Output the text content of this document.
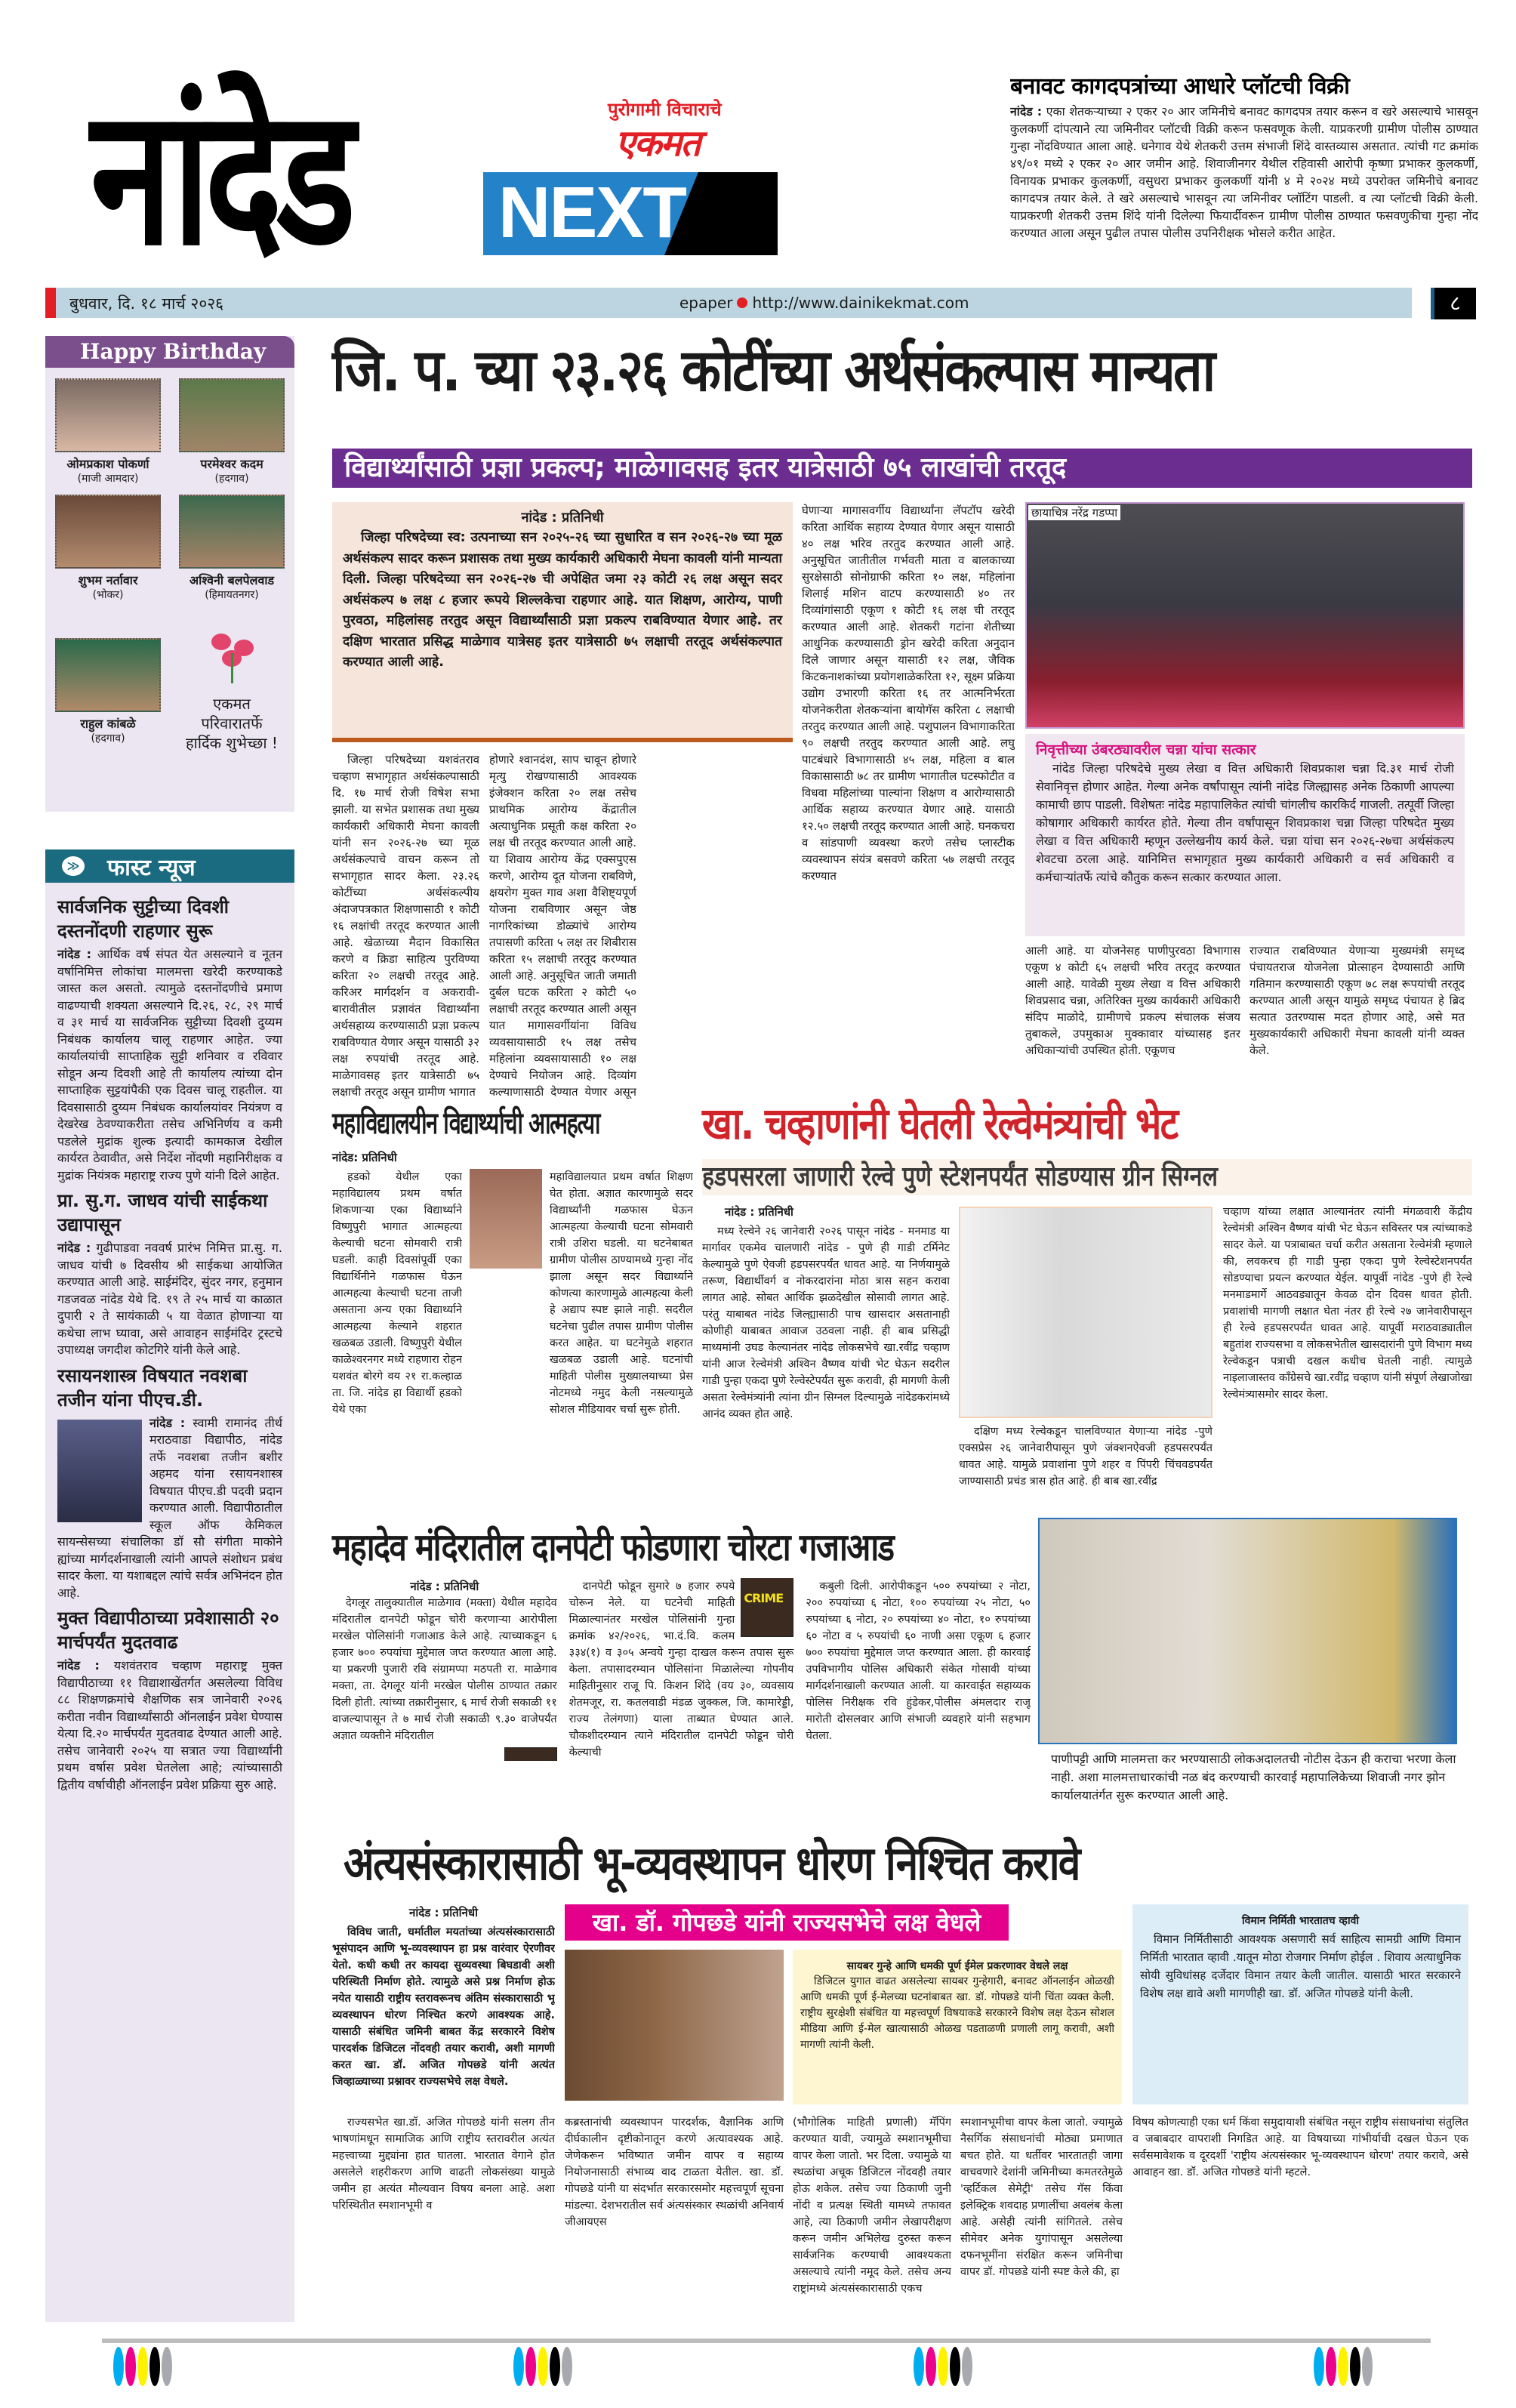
नांदेड	पुरोगामी विचाराचे
एकमत
NEXT
बनावट कागदपत्रांच्या आधारे प्लॉटची विक्री

नांदेड : एका शेतकऱ्याच्या २ एकर २० आर जमिनीचे बनावट कागदपत्र तयार करून व खरे असल्याचे भासवून कुलकर्णी दांपत्याने त्या जमिनीवर प्लॉटची विक्री करून फसवणूक केली. याप्रकरणी ग्रामीण पोलीस ठाण्यात गुन्हा नोंदविण्यात आला आहे. धनेगाव येथे शेतकरी उत्तम संभाजी शिंदे वास्तव्यास असतात. त्यांची गट क्रमांक ४९/०१ मध्ये २ एकर २० आर जमीन आहे. शिवाजीनगर येथील रहिवासी आरोपी कृष्णा प्रभाकर कुलकर्णी, विनायक प्रभाकर कुलकर्णी, वसुधरा प्रभाकर कुलकर्णी यांनी ४ मे २०२४ मध्ये उपरोक्त जमिनीचे बनावट कागदपत्र तयार केले. ते खरे असल्याचे भासवून त्या जमिनीवर प्लॉटिंग पाडली. व त्या प्लॉटची विक्री केली. याप्रकरणी शेतकरी उत्तम शिंदे यांनी दिलेल्या फियार्दीवरून ग्रामीण पोलीस ठाण्यात फसवणुकीचा गुन्हा नोंद करण्यात आला असून पुढील तपास पोलीस उपनिरीक्षक भोसले करीत आहेत.

बुधवार, दि. १८ मार्च २०२६	epaper http://www.dainikekmat.com	८
Happy Birthday
ओमप्रकाश पोकर्णा
(माजी आमदार)
परमेश्वर कदम
(हदगाव)
शुभम नर्तावार
(भोकर)
अश्विनी बलपेलवाड
(हिमायतनगर)
राहुल कांबळे
(हदगाव)
एकमत
परिवारातर्फे
हार्दिक शुभेच्छा !
≫ फास्ट न्यूज
सार्वजनिक सुट्टीच्या दिवशी दस्तनोंदणी राहणार सुरू

नांदेड : आर्थिक वर्ष संपत येत असल्याने व नूतन वर्षानिमित्त लोकांचा मालमत्ता खरेदी करण्याकडे जास्त कल असतो. त्यामुळे दस्तनोंदणीचे प्रमाण वाढण्याची शक्यता असल्याने दि.२६, २८, २९ मार्च व ३१ मार्च या सार्वजनिक सुट्टीच्या दिवशी दुय्यम निबंधक कार्यालय चालू राहणार आहेत. ज्या कार्यालयांची साप्ताहिक सुट्टी शनिवार व रविवार सोडून अन्य दिवशी आहे ती कार्यालय त्यांच्या दोन साप्ताहिक सुट्टयांपैकी एक दिवस चालू राहतील. या दिवसासाठी दुय्यम निबंधक कार्यालयांवर नियंत्रण व देखरेख ठेवण्याकरीता तसेच अभिनिर्णय व कमी पडलेले मुद्रांक शुल्क इत्यादी कामकाज देखील कार्यरत ठेवावीत, असे निर्देश नोंदणी महानिरीक्षक व मुद्रांक नियंत्रक महाराष्ट्र राज्य पुणे यांनी दिले आहेत.

प्रा. सु.ग. जाधव यांची साईकथा उद्यापासून

नांदेड : गुढीपाडवा नववर्ष प्रारंभ निमित्त प्रा.सु. ग. जाधव यांची ७ दिवसीय श्री साईकथा आयोजित करण्यात आली आहे. साईमंदिर, सुंदर नगर, हनुमान गडजवळ नांदेड येथे दि. १९ ते २५ मार्च या काळात दुपारी २ ते सायंकाळी ५ या वेळात होणाऱ्या या कथेचा लाभ घ्यावा, असे आवाहन साईमंदिर ट्रस्टचे उपाध्यक्ष जगदीश कोटगिरे यांनी केले आहे.

रसायनशास्त्र विषयात नवशबा तजीन यांना पीएच.डी.

नांदेड : स्वामी रामानंद तीर्थ मराठवाडा विद्यापीठ, नांदेड तर्फे नवशबा तजीन बशीर अहमद यांना रसायनशास्त्र विषयात पीएच.डी पदवी प्रदान करण्यात आली. विद्यापीठातील स्कूल ऑफ केमिकल सायन्सेसच्या संचालिका डॉ सौ संगीता माकोने ह्यांच्या मार्गदर्शनाखाली त्यांनी आपले संशोधन प्रबंध सादर केला. या यशाबद्दल त्यांचे सर्वत्र अभिनंदन होत आहे.

मुक्त विद्यापीठाच्या प्रवेशासाठी २० मार्चपर्यंत मुदतवाढ

नांदेड : यशवंतराव चव्हाण महाराष्ट्र मुक्त विद्यापीठाच्या ११ विद्याशाखेंतर्गत असलेल्या विविध ८८ शिक्षणक्रमांचे शैक्षणिक सत्र जानेवारी २०२६ करीता नवीन विद्यार्थ्यांसाठी ऑनलाईन प्रवेश घेण्यास येत्या दि.२० मार्चपर्यंत मुदतवाढ देण्यात आली आहे. तसेच जानेवारी २०२५ या सत्रात ज्या विद्यार्थ्यांनी प्रथम वर्षास प्रवेश घेतलेला आहे; त्यांच्यासाठी द्वितीय वर्षाचीही ऑनलाईन प्रवेश प्रक्रिया सुरु आहे.

जि. प. च्या २३.२६ कोटींच्या अर्थसंकल्पास मान्यता
विद्यार्थ्यांसाठी प्रज्ञा प्रकल्प; माळेगावसह इतर यात्रेसाठी ७५ लाखांची तरतूद
नांदेड : प्रतिनिधी

जिल्हा परिषदेच्या स्व: उत्पनाच्या सन २०२५-२६ च्या सुधारित व सन २०२६-२७ च्या मूळ अर्थसंकल्प सादर करून प्रशासक तथा मुख्य कार्यकारी अधिकारी मेघना कावली यांनी मान्यता दिली. जिल्हा परिषदेच्या सन २०२६-२७ ची अपेक्षित जमा २३ कोटी २६ लक्ष असून सदर अर्थसंकल्प ७ लक्ष ८ हजार रूपये शिल्लकेचा राहणार आहे. यात शिक्षण, आरोग्य, पाणी पुरवठा, महिलांसह तरतुद असून विद्यार्थ्यांसाठी प्रज्ञा प्रकल्प राबविण्यात येणार आहे. तर दक्षिण भारतात प्रसिद्ध माळेगाव यात्रेसह इतर यात्रेसाठी ७५ लक्षाची तरतूद अर्थसंकल्पात करण्यात आली आहे.

जिल्हा परिषदेच्या यशवंतराव चव्हाण सभागृहात अर्थसंकल्पासाठी दि. १७ मार्च रोजी विषेश सभा झाली. या सभेत प्रशासक तथा मुख्य कार्यकारी अधिकारी मेघना कावली यांनी सन २०२६-२७ च्या मूळ अर्थसंकल्पाचे वाचन करून तो सभागृहात सादर केला. २३.२६ कोटींच्या अर्थसंकल्पीय अंदाजपत्रकात शिक्षणासाठी १ कोटी १६ लक्षांची तरतूद करण्यात आली आहे. खेळाच्या मैदान विकासित करणे व क्रिडा साहित्य पुरविण्या करिता २० लक्षची तरतूद आहे. करिअर मार्गदर्शन व अकरावी-बारावीतील प्रज्ञावंत विद्यार्थ्यांना अर्थसहाय्य करण्यासाठी प्रज्ञा प्रकल्प राबविण्यात येणार असून यासाठी ३२ लक्ष रुपयांची तरतूद आहे. माळेगावसह इतर यात्रेसाठी ७५ लक्षाची तरतूद असून ग्रामीण भागात

होणारे श्वानदंश, साप चावून होणारे मृत्यु रोखण्यासाठी आवश्यक इंजेक्शन करिता २० लक्ष तसेच प्राथमिक आरोग्य केंद्रातील अत्याधुनिक प्रसूती कक्ष करिता २० लक्ष ची तरतूद करण्यात आली आहे. या शिवाय आरोग्य केंद्र एक्सपुएस करणे, आरोग्य दूत योजना राबविणे, क्षयरोग मुक्त गाव अशा वैशिष्ट्यपूर्ण योजना राबविणार असून जेष्ठ नागरिकांच्या डोळ्यांचे आरोग्य तपासणी करिता ५ लक्ष तर शिबीरास करिता १५ लक्षाची तरतूद करण्यात आली आहे. अनुसूचित जाती जमाती दुर्बल घटक करिता २ कोटी ५० लक्षाची तरतूद करण्यात आली असून यात मागासवर्गीयांना विविध व्यवसायासाठी १५ लक्ष तसेच महिलांना व्यवसायासाठी १० लक्ष देण्याचे नियोजन आहे. दिव्यांग कल्याणासाठी देण्यात येणार असून

घेणाऱ्या मागासवर्गीय विद्यार्थ्यांना लॅपटॉप खरेदी करिता आर्थिक सहाय्य देण्यात येणार असून यासाठी ४० लक्ष भरिव तरतुद करण्यात आली आहे. अनुसूचित जातीतील गर्भवती माता व बालकाच्या सुरक्षेसाठी सोनोग्राफी करिता १० लक्ष, महिलांना शिलाई मशिन वाटप करण्यासाठी ४० तर दिव्यांगांसाठी एकूण १ कोटी १६ लक्ष ची तरतूद करण्यात आली आहे. शेतकरी गटांना शेतीच्या आधुनिक करण्यासाठी ड्रोन खरेदी करिता अनुदान दिले जाणार असून यासाठी १२ लक्ष, जैविक किटकनाशकांच्या प्रयोगशाळेकरिता १२, सूक्ष्म प्रक्रिया उद्योग उभारणी करिता १६ तर आत्मनिर्भरता योजनेकरीता शेतकऱ्यांना बायोगॅस करिता ८ लक्षाची तरतुद करण्यात आली आहे. पशुपालन विभागाकरिता ९० लक्षची तरतुद करण्यात आली आहे. लघु पाटबंधारे विभागासाठी ४५ लक्ष, महिला व बाल विकासासाठी ७८ तर ग्रामीण भागातील घटस्फोटीत व विधवा महिलांच्या पाल्यांना शिक्षण व आरोग्यासाठी आर्थिक सहाय्य करण्यात येणार आहे. यासाठी १२.५० लक्षची तरतूद करण्यात आली आहे. घनकचरा व सांडपाणी व्यवस्था करणे तसेच प्लास्टीक व्यवस्थापन संयंत्र बसवणे करिता ५७ लक्षची तरतूद करण्यात

छायाचित्र नरेंद्र गडप्पा
निवृत्तीच्या उंबरठ्यावरील चन्ना यांचा सत्कार

नांदेड जिल्हा परिषदेचे मुख्य लेखा व वित्त अधिकारी शिवप्रकाश चन्ना दि.३१ मार्च रोजी सेवानिवृत्त होणार आहेत. गेल्या अनेक वर्षांपासून त्यांनी नांदेड जिल्ह्यासह अनेक ठिकाणी आपल्या कामाची छाप पाडली. विशेषतः नांदेड महापालिकेत त्यांची चांगलीच कारकिर्द गाजली. तत्पूर्वी जिल्हा कोषागार अधिकारी कार्यरत होते. गेल्या तीन वर्षांपासून शिवप्रकाश चन्ना जिल्हा परिषदेत मुख्य लेखा व वित्त अधिकारी म्हणून उल्लेखनीय कार्य केले. चन्ना यांचा सन २०२६-२७चा अर्थसंकल्प शेवटचा ठरला आहे. यानिमित्त सभागृहात मुख्य कार्यकारी अधिकारी व सर्व अधिकारी व कर्मचाऱ्यांतर्फे त्यांचे कौतुक करून सत्कार करण्यात आला.

आली आहे. या योजनेसह पाणीपुरवठा विभागास एकूण ४ कोटी ६५ लक्षची भरिव तरतूद करण्यात आली आहे. यावेळी मुख्य लेखा व वित्त अधिकारी शिवप्रसाद चन्ना, अतिरिक्त मुख्य कार्यकारी अधिकारी संदिप माळोदे, ग्रामीणचे प्रकल्प संचालक संजय तुबाकले, उपमुकाअ मुक्कावार यांच्यासह इतर अधिकाऱ्यांची उपस्थित होती. एकूणच

राज्यात राबविण्यात येणाऱ्या मुख्यमंत्री समृध्द पंचायतराज योजनेला प्रोत्साहन देण्यासाठी आणि गतिमान करण्यासाठी एकूण ७८ लक्ष रूपयांची तरतूद करण्यात आली असून यामुळे समृध्द पंचायत हे ब्रिद सत्यात उतरण्यास मदत होणार आहे, असे मत मुख्यकार्यकारी अधिकारी मेघना कावली यांनी व्यक्त केले.

महाविद्यालयीन विद्यार्थ्याची आत्महत्या
नांदेड: प्रतिनिधी

हडको येथील एका महाविद्यालय प्रथम वर्षात शिकणाऱ्या एका विद्यार्थ्याने विष्णुपुरी भागात आत्महत्या केल्याची घटना सोमवारी रात्री घडली. काही दिवसांपूर्वी एका विद्यार्थिनीने गळफास घेऊन आत्महत्या केल्याची घटना ताजी असताना अन्य एका विद्यार्थ्याने आत्महत्या केल्याने शहरात खळबळ उडाली. विष्णुपुरी येथील काळेश्वरनगर मध्ये राहणारा रोहन यशवंत बोरगे वय २१ रा.कल्हाळ ता. जि. नांदेड हा विद्यार्थी हडको येथे एका

महाविद्यालयात प्रथम वर्षात शिक्षण घेत होता. अज्ञात कारणामुळे सदर विद्यार्थ्यांनी गळफास घेऊन आत्महत्या केल्याची घटना सोमवारी रात्री उशिरा घडली. या घटनेबाबत ग्रामीण पोलीस ठाण्यामध्ये गुन्हा नोंद झाला असून सदर विद्यार्थ्याने कोणत्या कारणामुळे आत्महत्या केली हे अद्याप स्पष्ट झाले नाही. सदरील घटनेचा पुढील तपास ग्रामीण पोलीस करत आहेत. या घटनेमुळे शहरात खळबळ उडाली आहे. घटनांची माहिती पोलीस मुख्यालयाच्या प्रेस नोटमध्ये नमुद केली नसल्यामुळे सोशल मीडियावर चर्चा सुरू होती.

खा. चव्हाणांनी घेतली रेल्वेमंत्र्यांची भेट
हडपसरला जाणारी रेल्वे पुणे स्टेशनपर्यंत सोडण्यास ग्रीन सिग्नल
नांदेड : प्रतिनिधी

मध्य रेल्वेने २६ जानेवारी २०२६ पासून नांदेड - मनमाड या मार्गावर एकमेव चालणारी नांदेड - पुणे ही गाडी टर्मिनेट केल्यामुळे पुणे ऐवजी हडपसरपर्यंत धावत आहे. या निर्णयामुळे तरूण, विद्यार्थीवर्ग व नोकरदारांना मोठा त्रास सहन करावा लागत आहे. सोबत आर्थिक झळदेखील सोसावी लागत आहे. परंतु याबाबत नांदेड जिल्ह्यासाठी पाच खासदार असतानाही कोणीही याबाबत आवाज उठवला नाही. ही बाब प्रसिद्धी माध्यमांनी उघड केल्यानंतर नांदेड लोकसभेचे खा.रवींद्र चव्हाण यांनी आज रेल्वेमंत्री अश्विन वैष्णव यांची भेट घेऊन सदरील गाडी पुन्हा एकदा पुणे रेल्वेस्टेपर्यंत सुरू करावी, ही मागणी केली असता रेल्वेमंत्र्यांनी त्यांना ग्रीन सिग्नल दिल्यामुळे नांदेडकरांमध्ये आनंद व्यक्त होत आहे.

दक्षिण मध्य रेल्वेकडून चालविण्यात येणाऱ्या नांदेड -पुणे एक्सप्रेस २६ जानेवारीपासून पुणे जंक्शनऐवजी हडपसरपर्यंत धावत आहे. यामुळे प्रवाशांना पुणे शहर व पिंपरी चिंचवडपर्यंत जाण्यासाठी प्रचंड त्रास होत आहे. ही बाब खा.रवींद्र

चव्हाण यांच्या लक्षात आल्यानंतर त्यांनी मंगळवारी केंद्रीय रेल्वेमंत्री अश्विन वैष्णव यांची भेट घेऊन सविस्तर पत्र त्यांच्याकडे सादर केले. या पत्राबाबत चर्चा करीत असताना रेल्वेमंत्री म्हणाले की, लवकरच ही गाडी पुन्हा एकदा पुणे रेल्वेस्टेशनपर्यंत सोडण्याचा प्रयत्न करण्यात येईल. यापूर्वी नांदेड -पुणे ही रेल्वे मनमाडमार्गे आठवड्यातून केवळ दोन दिवस धावत होती. प्रवाशांची मागणी लक्षात घेता नंतर ही रेल्वे २७ जानेवारीपासून ही रेल्वे हडपसरपर्यंत धावत आहे. यापूर्वी मराठवाड्यातील बहुतांश राज्यसभा व लोकसभेतील खासदारांनी पुणे विभाग मध्य रेल्वेकडून पत्राची दखल कधीच घेतली नाही. त्यामुळे नाइलाजास्तव काँग्रेसचे खा.रवींद्र चव्हाण यांनी संपूर्ण लेखाजोखा रेल्वेमंत्र्यासमोर सादर केला.

महादेव मंदिरातील दानपेटी फोडणारा चोरटा गजाआड
नांदेड : प्रतिनिधी

देगलूर तालुक्यातील माळेगाव (मक्ता) येथील महादेव मंदिरातील दानपेटी फोडून चोरी करणाऱ्या आरोपीला मरखेल पोलिसांनी गजाआड केले आहे. त्याच्याकडून ६ हजार ७०० रुपयांचा मुद्देमाल जप्त करण्यात आला आहे. या प्रकरणी पुजारी रवि संग्रामप्पा मठपती रा. माळेगाव मक्ता, ता. देगलूर यांनी मरखेल पोलीस ठाण्यात तक्रार दिली होती. त्यांच्या तक्रारीनुसार, ६ मार्च रोजी सकाळी ११ वाजल्यापासून ते ७ मार्च रोजी सकाळी ९.३० वाजेपर्यंत अज्ञात व्यक्तीने मंदिरातील

CRIME

दानपेटी फोडून सुमारे ७ हजार रुपये चोरून नेले. या घटनेची माहिती मिळाल्यानंतर मरखेल पोलिसांनी गुन्हा क्रमांक ४२/२०२६, भा.दं.वि. कलम ३३४(१) व ३०५ अन्वये गुन्हा दाखल करून तपास सुरू केला. तपासादरम्यान पोलिसांना मिळालेल्या गोपनीय माहितीनुसार राजू पि. किशन शिंदे (वय ३०, व्यवसाय शेतमजूर, रा. कतलवाडी मंडळ जुक्कल, जि. कामारेड्डी, राज्य तेलंगणा) याला ताब्यात घेण्यात आले. चौकशीदरम्यान त्याने मंदिरातील दानपेटी फोडून चोरी केल्याची

कबुली दिली. आरोपीकडून ५०० रुपयांच्या २ नोटा, २०० रुपयांच्या ६ नोटा, १०० रुपयांच्या २५ नोटा, ५० रुपयांच्या ६ नोटा, २० रुपयांच्या ४० नोटा, १० रुपयांच्या ६० नोटा व ५ रुपयांची ६० नाणी असा एकूण ६ हजार ७०० रुपयांचा मुद्देमाल जप्त करण्यात आला. ही कारवाई उपविभागीय पोलिस अधिकारी संकेत गोसावी यांच्या मार्गदर्शनाखाली करण्यात आली. या कारवाईत सहाय्यक पोलिस निरीक्षक रवि हुंडेकर,पोलीस अंमलदार राजू मारोती दोसलवार आणि संभाजी व्यवहारे यांनी सहभाग घेतला.

पाणीपट्टी आणि मालमत्ता कर भरण्यासाठी लोकअदालतची नोटीस देऊन ही कराचा भरणा केला नाही. अशा मालमत्ताधारकांची नळ बंद करण्याची कारवाई महापालिकेच्या शिवाजी नगर झोन कार्यालयातंर्गत सुरू करण्यात आली आहे.
अंत्यसंस्कारासाठी भू-व्यवस्थापन धोरण निश्चित करावे
खा. डॉ. गोपछडे यांनी राज्यसभेचे लक्ष वेधले
नांदेड : प्रतिनिधी

विविध जाती, धर्मातील मयतांच्या अंत्यसंस्कारासाठी भूसंपादन आणि भू-व्यवस्थापन हा प्रश्न वारंवार ऐरणीवर येतो. कधी कधी तर कायदा सुव्यवस्था बिघडावी अशी परिस्थिती निर्माण होते. त्यामुळे असे प्रश्न निर्माण होऊ नयेत यासाठी राष्ट्रीय स्तरावरूनच अंतिम संस्कारासाठी भू व्यवस्थापन धोरण निश्चित करणे आवश्यक आहे. यासाठी संबंधित जमिनी बाबत केंद्र सरकारने विशेष पारदर्शक डिजिटल नोंदवही तयार करावी, अशी मागणी करत खा. डॉ. अजित गोपछडे यांनी अत्यंत जिव्हाळ्याच्या प्रश्नावर राज्यसभेचे लक्ष वेधले.

राज्यसभेत खा.डॉ. अजित गोपछडे यांनी सलग तीन भाषणांमधून सामाजिक आणि राष्ट्रीय स्तरावरील अत्यंत महत्त्वाच्या मुद्द्यांना हात घातला. भारतात वेगाने होत असलेले शहरीकरण आणि वाढती लोकसंख्या यामुळे जमीन हा अत्यंत मौल्यवान विषय बनला आहे. अशा परिस्थितीत स्मशानभूमी व

सायबर गुन्हे आणि धमकी पूर्ण ईमेल प्रकरणावर वेधले लक्ष

डिजिटल युगात वाढत असलेल्या सायबर गुन्हेगारी, बनावट ऑनलाईन ओळखी आणि धमकी पूर्ण ई-मेलच्या घटनांबाबत खा. डॉ. गोपछडे यांनी चिंता व्यक्त केली. राष्ट्रीय सुरक्षेशी संबंधित या महत्त्वपूर्ण विषयाकडे सरकारने विशेष लक्ष देऊन सोशल मीडिया आणि ई-मेल खात्यासाठी ओळख पडताळणी प्रणाली लागू करावी, अशी मागणी त्यांनी केली.

विमान निर्मिती भारतातच व्हावी

विमान निर्मितीसाठी आवश्यक असणारी सर्व साहित्य सामग्री आणि विमान निर्मिती भारतात व्हावी .यातून मोठा रोजगार निर्माण होईल . शिवाय अत्याधुनिक सोयी सुविधांसह दर्जेदार विमान तयार केली जातील. यासाठी भारत सरकारने विशेष लक्ष द्यावे अशी मागणीही खा. डॉ. अजित गोपछडे यांनी केली.

कब्रस्तानांची व्यवस्थापन पारदर्शक, वैज्ञानिक आणि दीर्घकालीन दृष्टीकोनातून करणे अत्यावश्यक आहे. जेणेकरून भविष्यात जमीन वापर व सहाय्य नियोजनासाठी संभाव्य वाद टाळता येतील. खा. डॉ. गोपछडे यांनी या संदर्भात सरकारसमोर महत्त्वपूर्ण सूचना मांडल्या. देशभरातील सर्व अंत्यसंस्कार स्थळांची अनिवार्य जीआयएस

(भौगोलिक माहिती प्रणाली) मॅपिंग करण्यात यावी, ज्यामुळे स्मशानभूमीचा वापर केला जातो. भर दिला. ज्यामुळे या स्थळांचा अचूक डिजिटल नोंदवही तयार होऊ शकेल. तसेच ज्या ठिकाणी जुनी नोंदी व प्रत्यक्ष स्थिती यामध्ये तफावत आहे, त्या ठिकाणी जमीन लेखापरीक्षण करून जमीन अभिलेख दुरुस्त करून सार्वजनिक करण्याची आवश्यकता असल्याचे त्यांनी नमूद केले. तसेच अन्य राष्ट्रांमध्ये अंत्यसंस्कारासाठी एकच

स्मशानभूमीचा वापर केला जातो. ज्यामुळे नैसर्गिक संसाधनांची मोठ्या प्रमाणात बचत होते. या धर्तीवर भारतातही जागा वाचवणारे देशांनी जमिनीच्या कमतरतेमुळे 'व्हर्टिकल सेमेट्री' तसेच गॅस किंवा इलेक्ट्रिक शवदाह प्रणालींचा अवलंब केला आहे. असेही त्यांनी सांगितले. तसेच सीमेवर अनेक युगांपासून असलेल्या दफनभूमींना संरक्षित करून जमिनीचा वापर डॉ. गोपछडे यांनी स्पष्ट केले की, हा

विषय कोणत्याही एका धर्म किंवा समुदायाशी संबंधित नसून राष्ट्रीय संसाधनांचा संतुलित व जबाबदार वापराशी निगडित आहे. या विषयाच्या गांभीर्याची दखल घेऊन एक सर्वसमावेशक व दूरदर्शी 'राष्ट्रीय अंत्यसंस्कार भू-व्यवस्थापन धोरण' तयार करावे, असे आवाहन खा. डॉ. अजित गोपछडे यांनी म्हटले.
